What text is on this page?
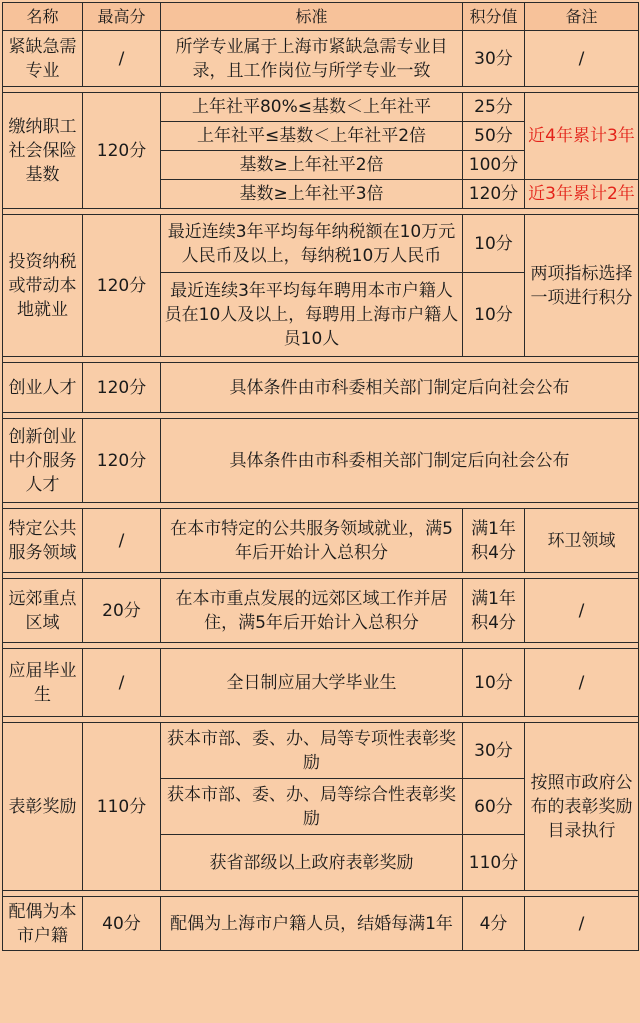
名称	最高分	标准	积分值	备注
紧缺急需专业	/	所学专业属于上海市紧缺急需专业目录，且工作岗位与所学专业一致	30分	/

缴纳职工社会保险基数	120分	上年社平80%≤基数＜上年社平	25分	近4年累计3年
		上年社平≤基数＜上年社平2倍	50分	
		基数≥上年社平2倍	100分	
		基数≥上年社平3倍	120分	近3年累计2年

投资纳税或带动本地就业	120分	最近连续3年平均每年纳税额在10万元人民币及以上，每纳税10万人民币	10分	两项指标选择一项进行积分
		最近连续3年平均每年聘用本市户籍人员在10人及以上，每聘用上海市户籍人员10人	10分	

创业人才	120分	具体条件由市科委相关部门制定后向社会公布		

创新创业中介服务人才	120分	具体条件由市科委相关部门制定后向社会公布		

特定公共服务领域	/	在本市特定的公共服务领域就业，满5年后开始计入总积分	满1年积4分	环卫领域

远郊重点区域	20分	在本市重点发展的远郊区域工作并居住，满5年后开始计入总积分	满1年积4分	/

应届毕业生	/	全日制应届大学毕业生	10分	/

表彰奖励	110分	获本市部、委、办、局等专项性表彰奖励	30分	按照市政府公布的表彰奖励目录执行
		获本市部、委、办、局等综合性表彰奖励	60分	
		获省部级以上政府表彰奖励	110分	

配偶为本市户籍	40分	配偶为上海市户籍人员，结婚每满1年	4分	/
